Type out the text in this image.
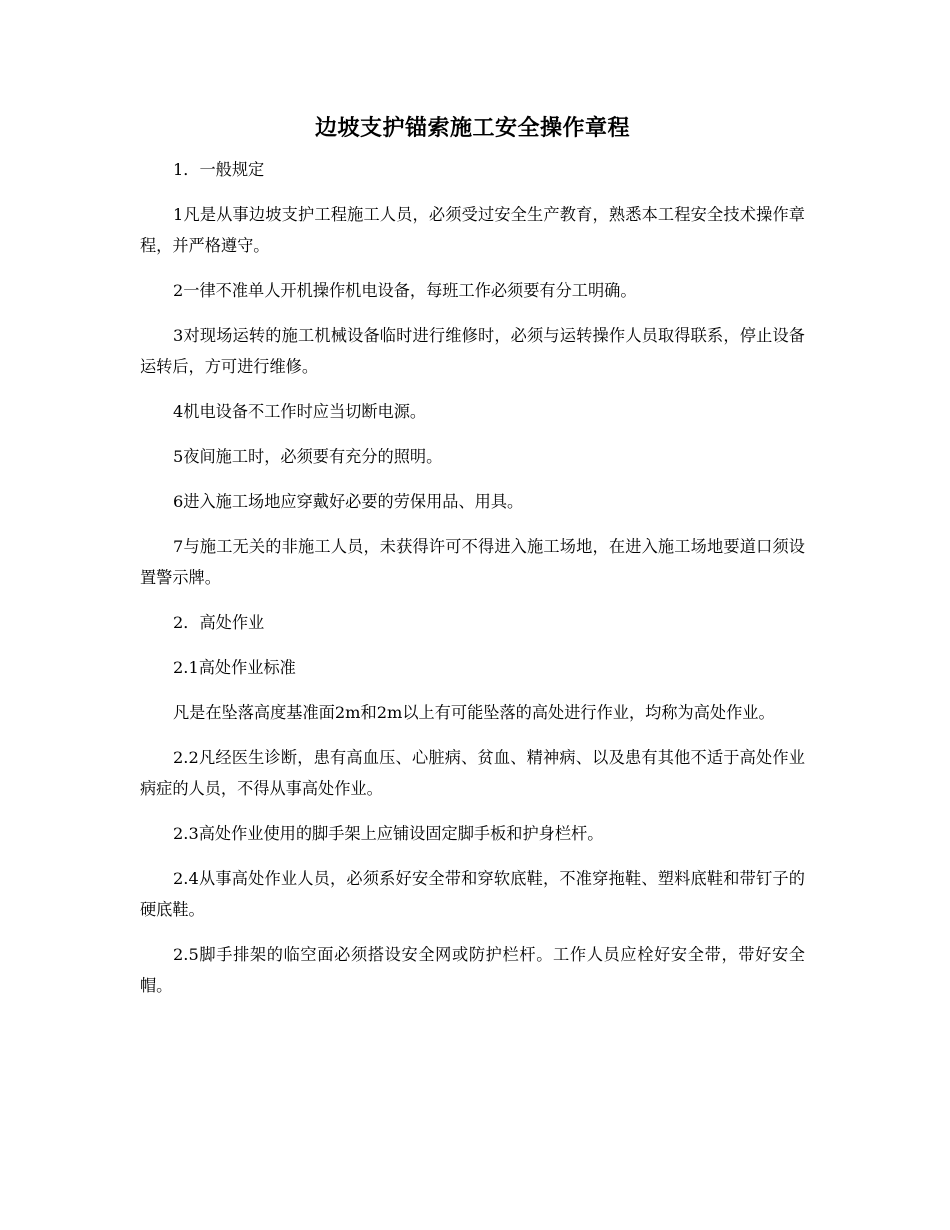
边坡支护锚索施工安全操作章程

1．一般规定

1凡是从事边坡支护工程施工人员，必须受过安全生产教育，熟悉本工程安全技术操作章程，并严格遵守。

2一律不准单人开机操作机电设备，每班工作必须要有分工明确。

3对现场运转的施工机械设备临时进行维修时，必须与运转操作人员取得联系，停止设备运转后，方可进行维修。

4机电设备不工作时应当切断电源。

5夜间施工时，必须要有充分的照明。

6进入施工场地应穿戴好必要的劳保用品、用具。

7与施工无关的非施工人员，未获得许可不得进入施工场地，在进入施工场地要道口须设置警示牌。

2．高处作业

2.1高处作业标准

凡是在坠落高度基准面2m和2m以上有可能坠落的高处进行作业，均称为高处作业。

2.2凡经医生诊断，患有高血压、心脏病、贫血、精神病、以及患有其他不适于高处作业病症的人员，不得从事高处作业。

2.3高处作业使用的脚手架上应铺设固定脚手板和护身栏杆。

2.4从事高处作业人员，必须系好安全带和穿软底鞋，不准穿拖鞋、塑料底鞋和带钉子的硬底鞋。

2.5脚手排架的临空面必须搭设安全网或防护栏杆。工作人员应栓好安全带，带好安全帽。
